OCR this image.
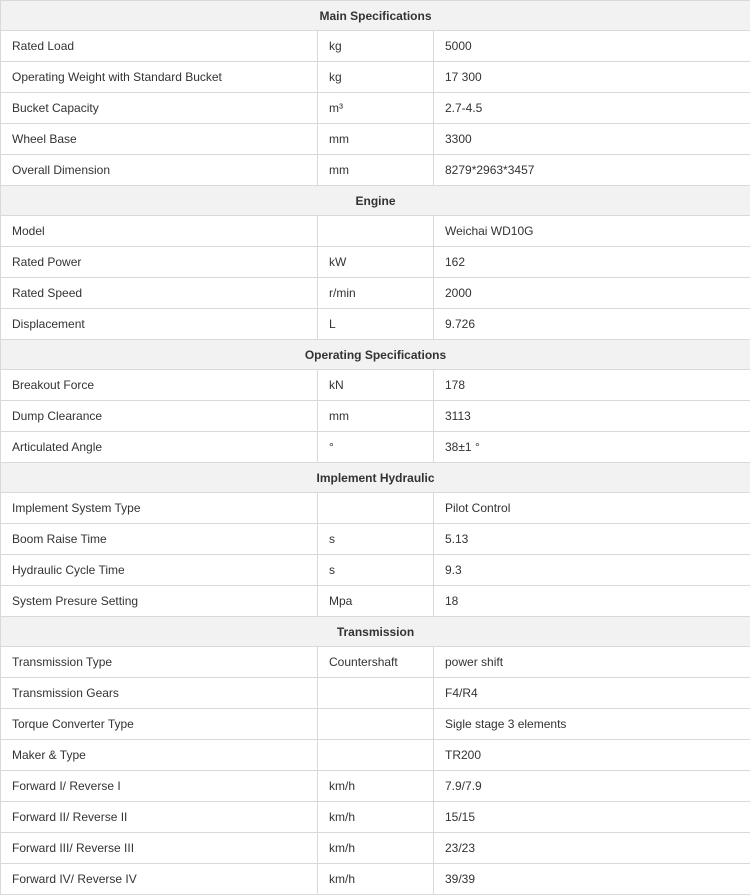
Main Specifications		
Rated Load	kg	5000
Operating Weight with Standard Bucket	kg	17 300
Bucket Capacity	m³	2.7-4.5
Wheel Base	mm	3300
Overall Dimension	mm	8279*2963*3457
Engine		
Model		Weichai WD10G
Rated Power	kW	162
Rated Speed	r/min	2000
Displacement	L	9.726
Operating Specifications		
Breakout Force	kN	178
Dump Clearance	mm	3113
Articulated Angle	°	38±1 °
Implement Hydraulic		
Implement System Type		Pilot Control
Boom Raise Time	s	5.13
Hydraulic Cycle Time	s	9.3
System Presure Setting	Mpa	18
Transmission		
Transmission Type	Countershaft	power shift
Transmission Gears		F4/R4
Torque Converter Type		Sigle stage 3 elements
Maker & Type		TR200
Forward I/ Reverse I	km/h	7.9/7.9
Forward II/ Reverse II	km/h	15/15
Forward III/ Reverse III	km/h	23/23
Forward IV/ Reverse IV	km/h	39/39
